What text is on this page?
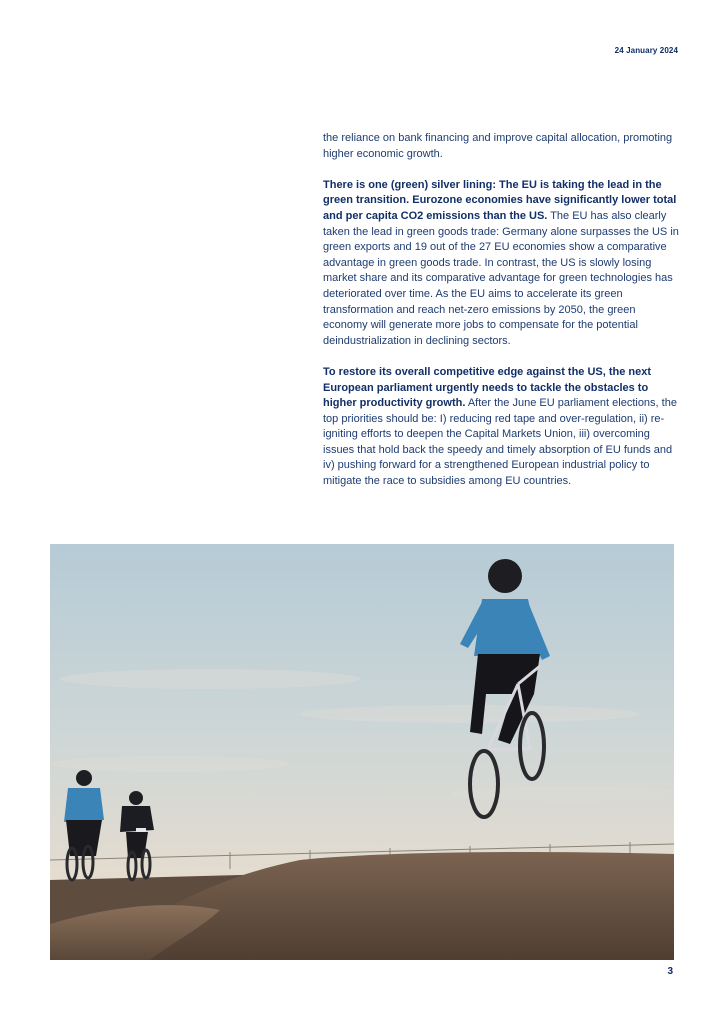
24 January 2024

the reliance on bank financing and improve capital allocation, promoting higher economic growth.

There is one (green) silver lining: The EU is taking the lead in the green transition. Eurozone economies have significantly lower total and per capita CO2 emissions than the US. The EU has also clearly taken the lead in green goods trade: Germany alone surpasses the US in green exports and 19 out of the 27 EU economies show a comparative advantage in green goods trade. In contrast, the US is slowly losing market share and its comparative advantage for green technologies has deteriorated over time. As the EU aims to accelerate its green transformation and reach net-zero emissions by 2050, the green economy will generate more jobs to compensate for the potential deindustrialization in declining sectors.

To restore its overall competitive edge against the US, the next European parliament urgently needs to tackle the obstacles to higher productivity growth. After the June EU parliament elections, the top priorities should be: I) reducing red tape and over-regulation, ii) re-igniting efforts to deepen the Capital Markets Union, iii) overcoming issues that hold back the speedy and timely absorption of EU funds and iv) pushing forward for a strengthened European industrial policy to mitigate the race to subsidies among EU countries.

3
